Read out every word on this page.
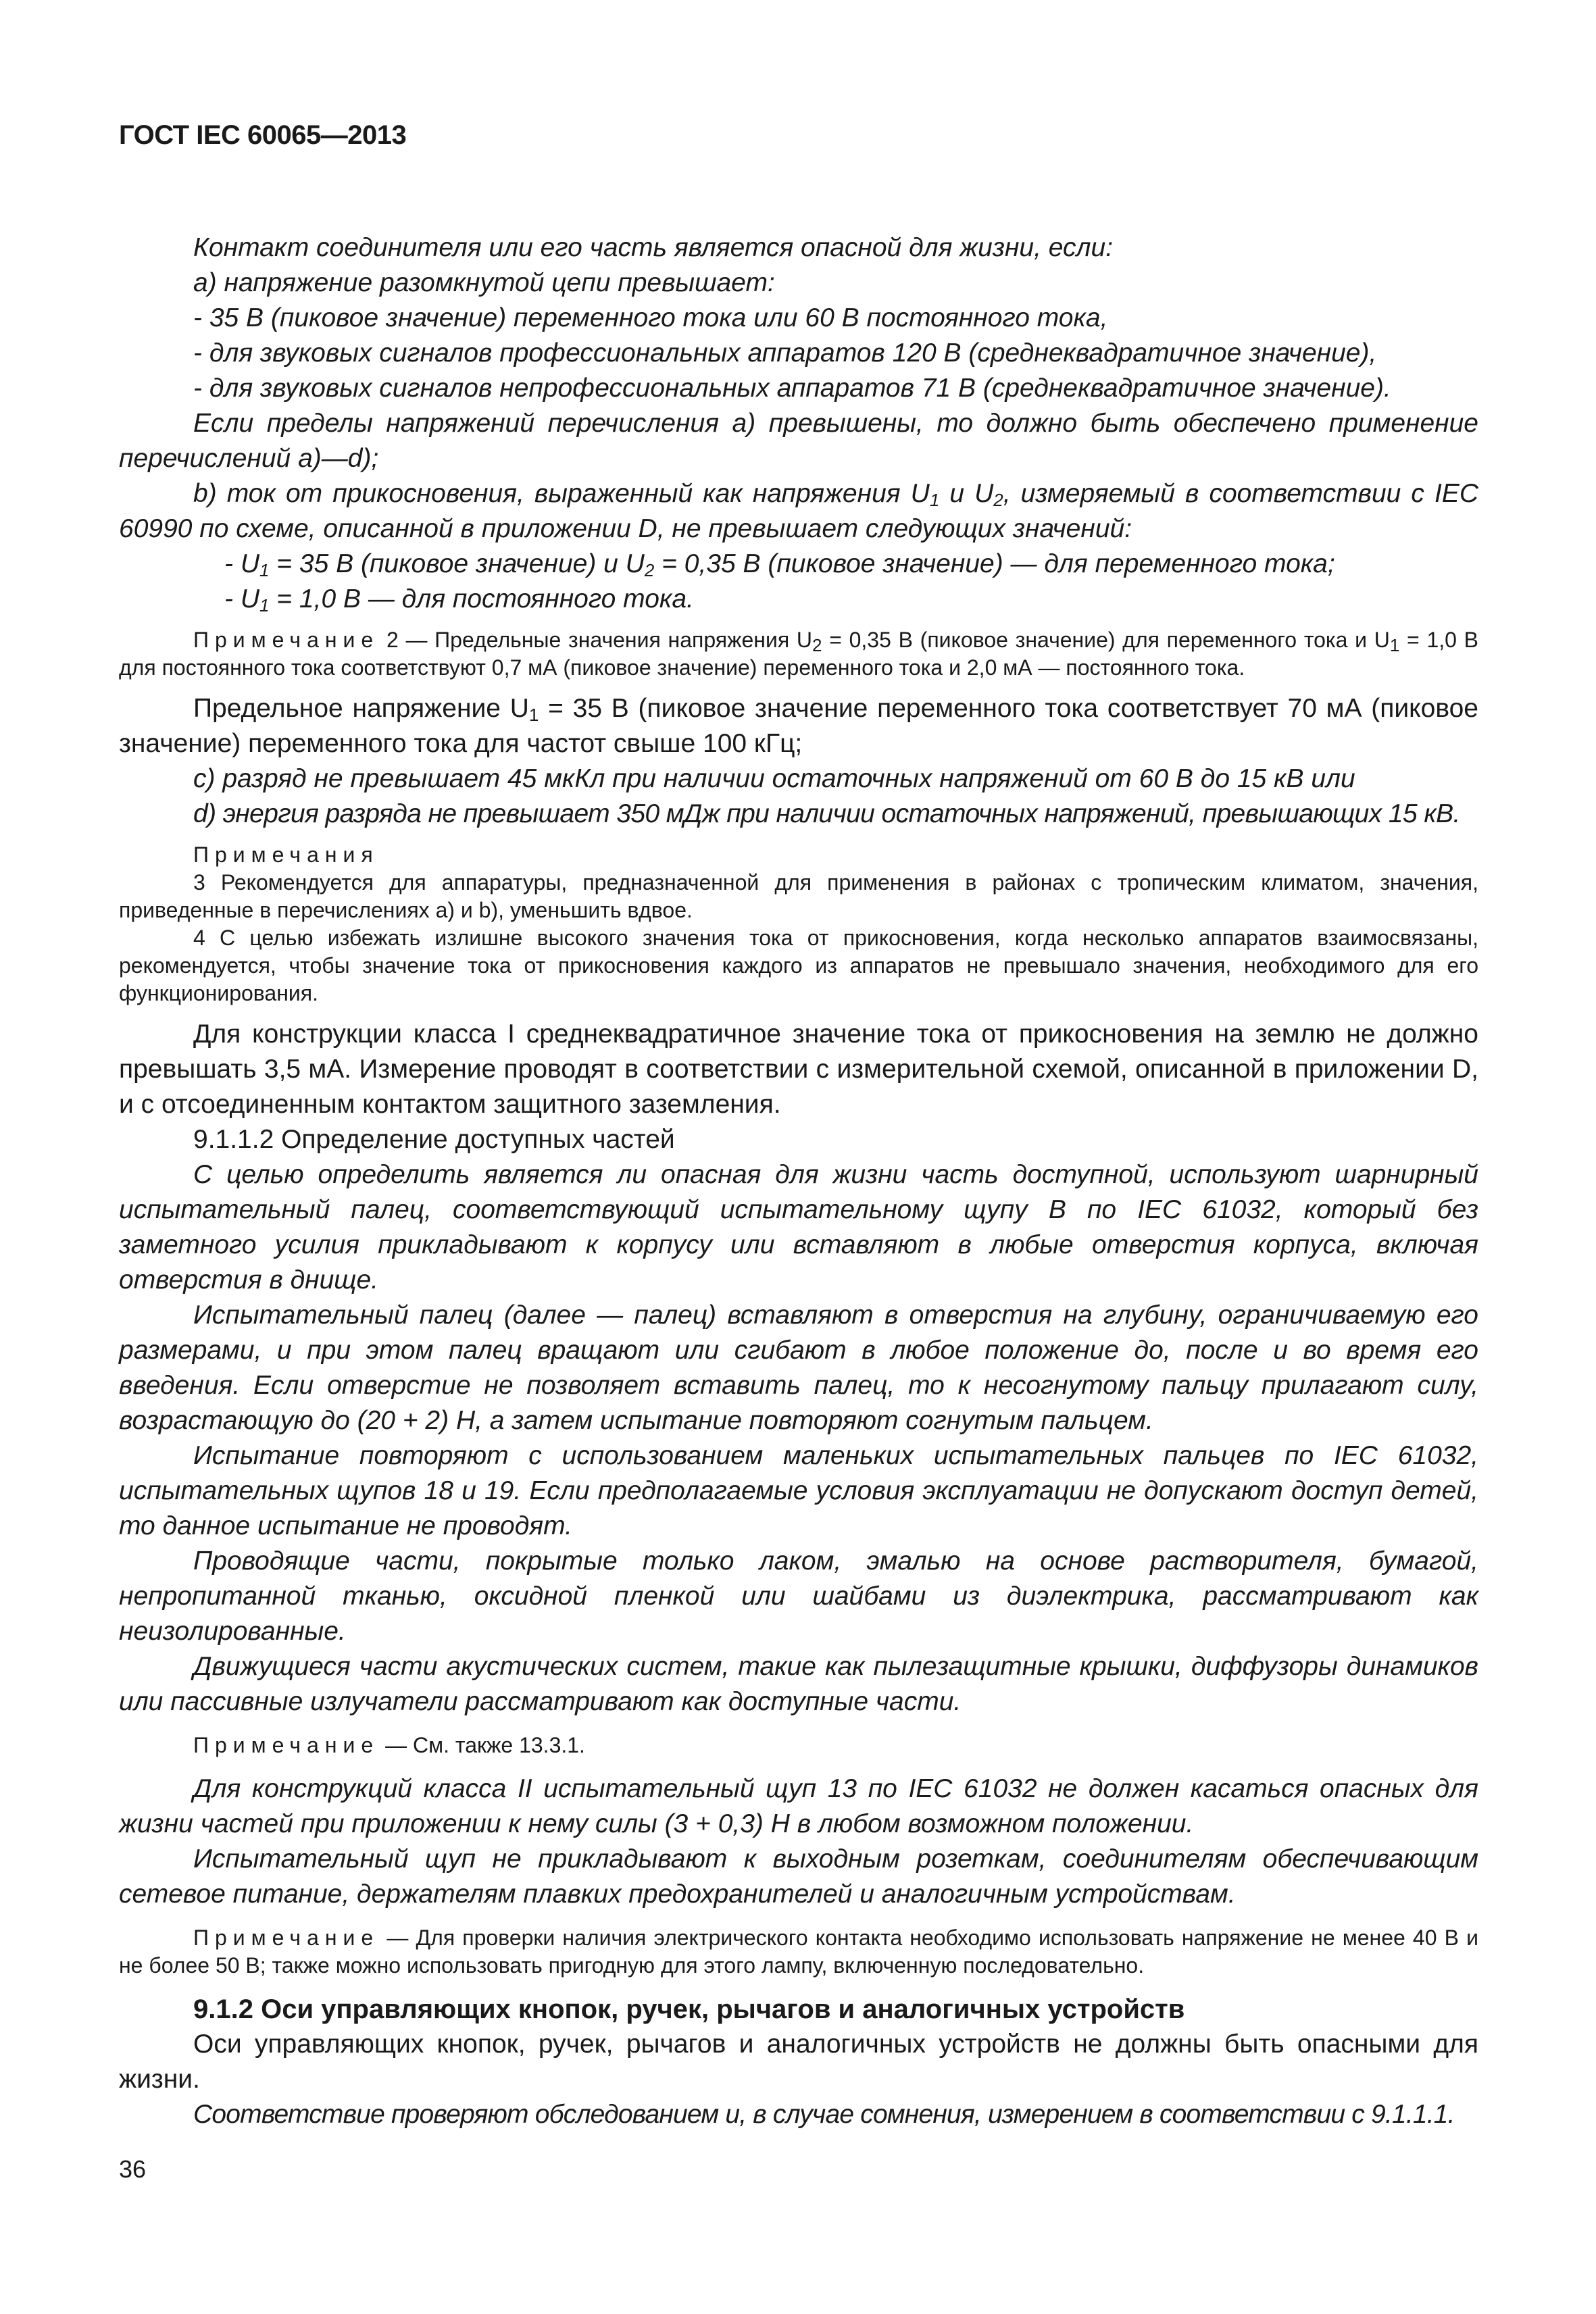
ГОСТ IEC 60065—2013

Контакт соединителя или его часть является опасной для жизни, если:

а) напряжение разомкнутой цепи превышает:

- 35 В (пиковое значение) переменного тока или 60 В постоянного тока,

- для звуковых сигналов профессиональных аппаратов 120 В (среднеквадратичное значение),

- для звуковых сигналов непрофессиональных аппаратов 71 В (среднеквадратичное значение).

Если пределы напряжений перечисления а) превышены, то должно быть обеспечено применение перечислений а)—d);

b) ток от прикосновения, выраженный как напряжения $U_1$ и $U_2$, измеряемый в соответствии с IEC 60990 по схеме, описанной в приложении D, не превышает следующих значений:

- $U_1 = 35$ В (пиковое значение) и $U_2 = 0,35$ В (пиковое значение) — для переменного тока;

- $U_1 = 1,0$ В — для постоянного тока.

Примечание 2 — Предельные значения напряжения $U_2 = 0,35$ В (пиковое значение) для переменного тока и $U_1 = 1,0$ В для постоянного тока соответствуют 0,7 мА (пиковое значение) переменного тока и 2,0 мА — постоянного тока.

Предельное напряжение $U_1 = 35$ В (пиковое значение переменного тока соответствует 70 мА (пиковое значение) переменного тока для частот свыше 100 кГц;

c) разряд не превышает 45 мкКл при наличии остаточных напряжений от 60 В до 15 кВ или

d) энергия разряда не превышает 350 мДж при наличии остаточных напряжений, превышающих 15 кВ.

Примечания

3 Рекомендуется для аппаратуры, предназначенной для применения в районах с тропическим климатом, значения, приведенные в перечислениях а) и b), уменьшить вдвое.

4 С целью избежать излишне высокого значения тока от прикосновения, когда несколько аппаратов взаимосвязаны, рекомендуется, чтобы значение тока от прикосновения каждого из аппаратов не превышало значения, необходимого для его функционирования.

Для конструкции класса I среднеквадратичное значение тока от прикосновения на землю не должно превышать 3,5 мА. Измерение проводят в соответствии с измерительной схемой, описанной в приложении D, и с отсоединенным контактом защитного заземления.

9.1.1.2 Определение доступных частей

С целью определить является ли опасная для жизни часть доступной, используют шарнирный испытательный палец, соответствующий испытательному щупу В по IEC 61032, который без заметного усилия прикладывают к корпусу или вставляют в любые отверстия корпуса, включая отверстия в днище.

Испытательный палец (далее — палец) вставляют в отверстия на глубину, ограничиваемую его размерами, и при этом палец вращают или сгибают в любое положение до, после и во время его введения. Если отверстие не позволяет вставить палец, то к несогнутому пальцу прилагают силу, возрастающую до (20 + 2) Н, а затем испытание повторяют согнутым пальцем.

Испытание повторяют с использованием маленьких испытательных пальцев по IEC 61032, испытательных щупов 18 и 19. Если предполагаемые условия эксплуатации не допускают доступ детей, то данное испытание не проводят.

Проводящие части, покрытые только лаком, эмалью на основе растворителя, бумагой, непропитанной тканью, оксидной пленкой или шайбами из диэлектрика, рассматривают как неизолированные.

Движущиеся части акустических систем, такие как пылезащитные крышки, диффузоры динамиков или пассивные излучатели рассматривают как доступные части.

Примечание — См. также 13.3.1.

Для конструкций класса II испытательный щуп 13 по IEC 61032 не должен касаться опасных для жизни частей при приложении к нему силы (3 + 0,3) Н в любом возможном положении.

Испытательный щуп не прикладывают к выходным розеткам, соединителям обеспечивающим сетевое питание, держателям плавких предохранителей и аналогичным устройствам.

Примечание — Для проверки наличия электрического контакта необходимо использовать напряжение не менее 40 В и не более 50 В; также можно использовать пригодную для этого лампу, включенную последовательно.

9.1.2 Оси управляющих кнопок, ручек, рычагов и аналогичных устройств

Оси управляющих кнопок, ручек, рычагов и аналогичных устройств не должны быть опасными для жизни.

Соответствие проверяют обследованием и, в случае сомнения, измерением в соответствии с 9.1.1.1.

36
